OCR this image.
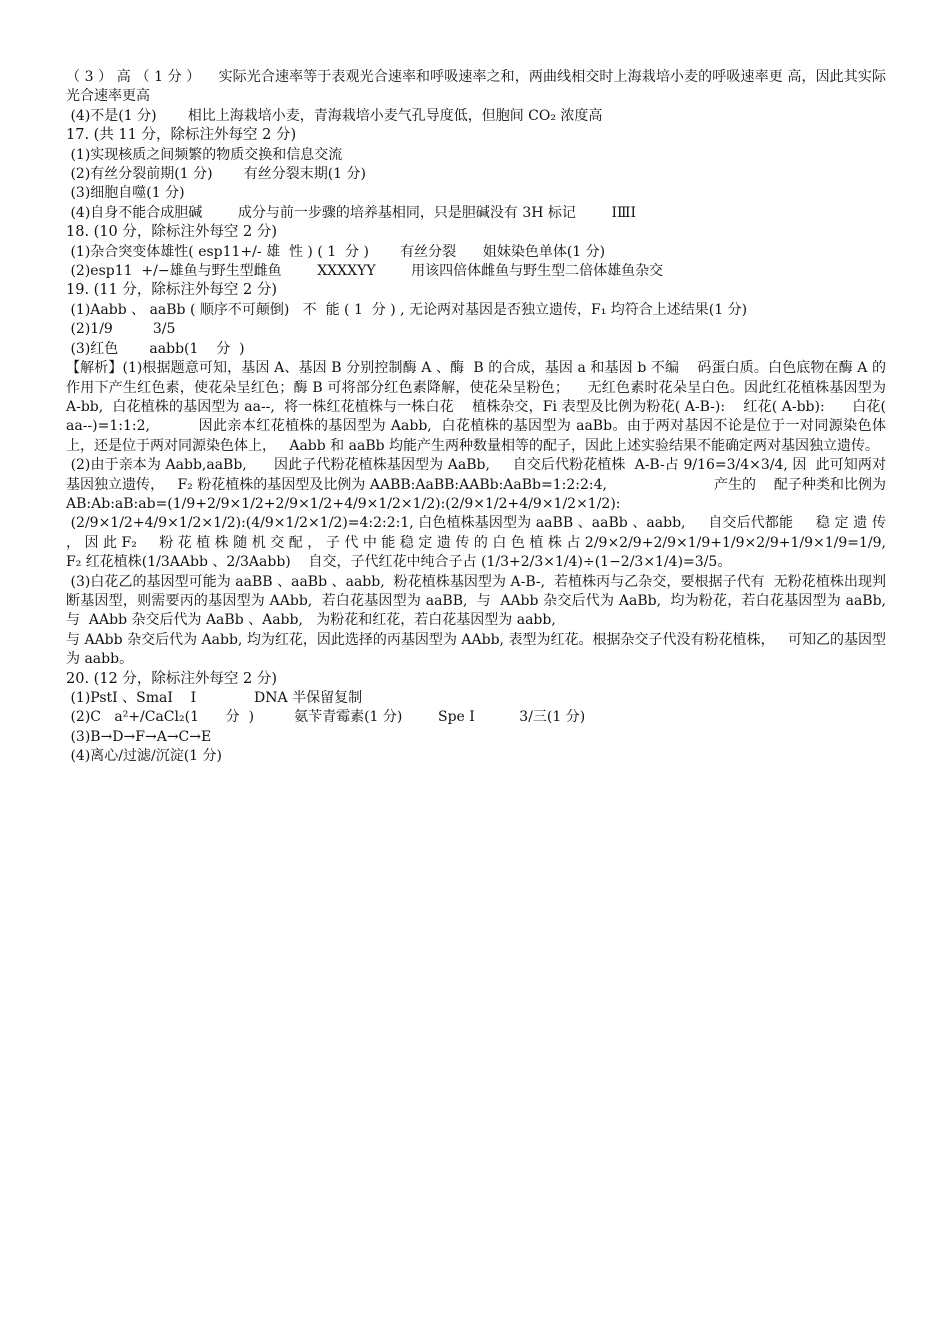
（ 3 ） 高 （ 1 分 ）    实际光合速率等于表观光合速率和呼吸速率之和，两曲线相交时上海栽培小麦的呼吸速率更 高，因此其实际光合速率更高
(4)不是(1 分)       相比上海栽培小麦，青海栽培小麦气孔导度低，但胞间 CO₂ 浓度高
17. (共 11 分，除标注外每空 2 分)
(1)实现核质之间频繁的物质交换和信息交流
(2)有丝分裂前期(1 分)       有丝分裂末期(1 分)
(3)细胞自噬(1 分)
(4)自身不能合成胆碱        成分与前一步骤的培养基相同，只是胆碱没有 3H 标记        IⅢI
18. (10 分，除标注外每空 2 分)
(1)杂合突变体雄性( esp11+/- 雄  性 ) ( 1  分 )       有丝分裂      姐妹染色单体(1 分)
(2)esp11  +/−雄鱼与野生型雌鱼        XXXXYY        用该四倍体雌鱼与野生型二倍体雄鱼杂交
19. (11 分，除标注外每空 2 分)
(1)Aabb 、 aaBb ( 顺序不可颠倒)   不  能 ( 1  分 ) , 无论两对基因是否独立遗传，F₁ 均符合上述结果(1 分)
(2)1/9         3/5
(3)红色       aabb(1    分  )
【解析】(1)根据题意可知，基因 A、基因 B 分别控制酶 A 、酶  B 的合成，基因 a 和基因 b 不编    码蛋白质。白色底物在酶 A 的作用下产生红色素，使花朵呈红色；酶 B 可将部分红色素降解，使花朵呈粉色；    无红色素时花朵呈白色。因此红花植株基因型为 A-bb,  白花植株的基因型为 aa--,  将一株红花植株与一株白花    植株杂交，Fi 表型及比例为粉花( A-B-):    红花( A-bb):      白花( aa--)=1:1:2,          因此亲本红花植株的基因型为 Aabb,  白花植株的基因型为 aaBb。由于两对基因不论是位于一对同源染色体上，还是位于两对同源染色体上，   Aabb 和 aaBb 均能产生两种数量相等的配子，因此上述实验结果不能确定两对基因独立遗传。
(2)由于亲本为 Aabb,aaBb,      因此子代粉花植株基因型为 AaBb,     自交后代粉花植株  A-B-占 9/16=3/4×3/4, 因  此可知两对基因独立遗传，   F₂ 粉花植株的基因型及比例为 AABB:AaBB:AABb:AaBb=1:2:2:4,                        产生的    配子种类和比例为 AB:Ab:aB:ab=(1/9+2/9×1/2+2/9×1/2+4/9×1/2×1/2):(2/9×1/2+4/9×1/2×1/2):
(2/9×1/2+4/9×1/2×1/2):(4/9×1/2×1/2)=4:2:2:1, 白色植株基因型为 aaBB 、aaBb 、aabb,     自交后代都能     稳 定 遗 传 ， 因 此 F₂     粉 花 植 株 随 机 交 配 ， 子 代 中 能 稳 定 遗 传 的 白 色 植 株 占 2/9×2/9+2/9×1/9+1/9×2/9+1/9×1/9=1/9,   F₂ 红花植株(1/3AAbb 、2/3Aabb)    自交，子代红花中纯合子占 (1/3+2/3×1/4)÷(1−2/3×1/4)=3/5。
(3)白花乙的基因型可能为 aaBB 、aaBb 、aabb,  粉花植株基因型为 A-B-,  若植株丙与乙杂交，要根据子代有  无粉花植株出现判断基因型，则需要丙的基因型为 AAbb,  若白花基因型为 aaBB,  与  AAbb 杂交后代为 AaBb,  均为粉花，若白花基因型为 aaBb,  与  AAbb 杂交后代为 AaBb 、Aabb,   为粉花和红花，若白花基因型为 aabb,
与 AAbb 杂交后代为 Aabb, 均为红花，因此选择的丙基因型为 AAbb, 表型为红花。根据杂交子代没有粉花植株，   可知乙的基因型为 aabb。
20. (12 分，除标注外每空 2 分)
(1)PstI 、SmaI    I             DNA 半保留复制
(2)C   a²+/CaCl₂(1      分  )         氨苄青霉素(1 分)        Spe I          3/三(1 分)
(3)B→D→F→A→C→E
(4)离心/过滤/沉淀(1 分)
